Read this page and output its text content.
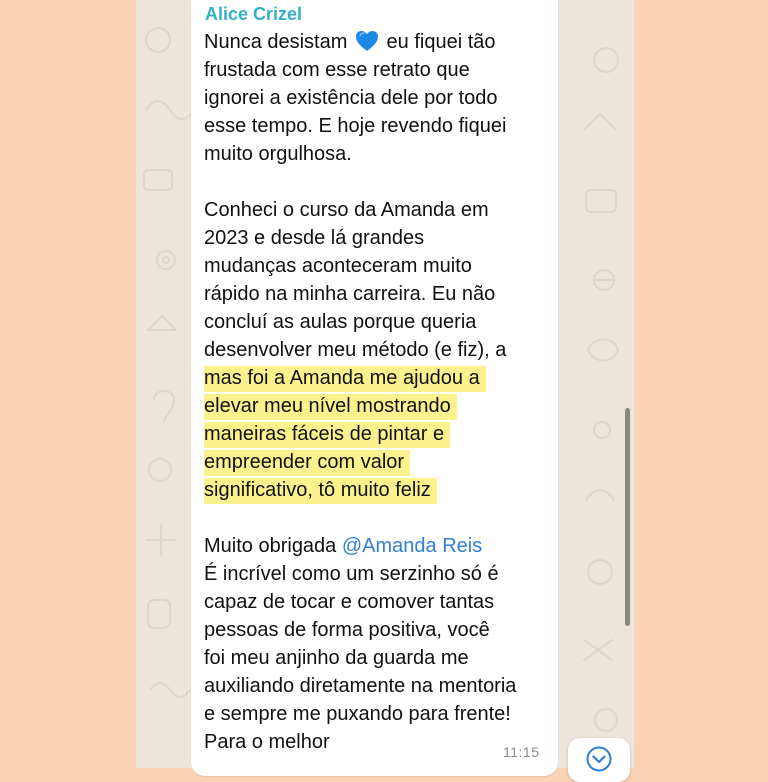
Alice Crizel
Nunca desistam eu fiquei tão
frustada com esse retrato que
ignorei a existência dele por todo
esse tempo. E hoje revendo fiquei
muito orgulhosa.
Conheci o curso da Amanda em
2023 e desde lá grandes
mudanças aconteceram muito
rápido na minha carreira. Eu não
concluí as aulas porque queria
desenvolver meu método (e fiz), a
mas foi a Amanda me ajudou a
elevar meu nível mostrando
maneiras fáceis de pintar e
empreender com valor
significativo, tô muito feliz
Muito obrigada @Amanda Reis
É incrível como um serzinho só é
capaz de tocar e comover tantas
pessoas de forma positiva, você
foi meu anjinho da guarda me
auxiliando diretamente na mentoria
e sempre me puxando para frente!
Para o melhor	11:15
